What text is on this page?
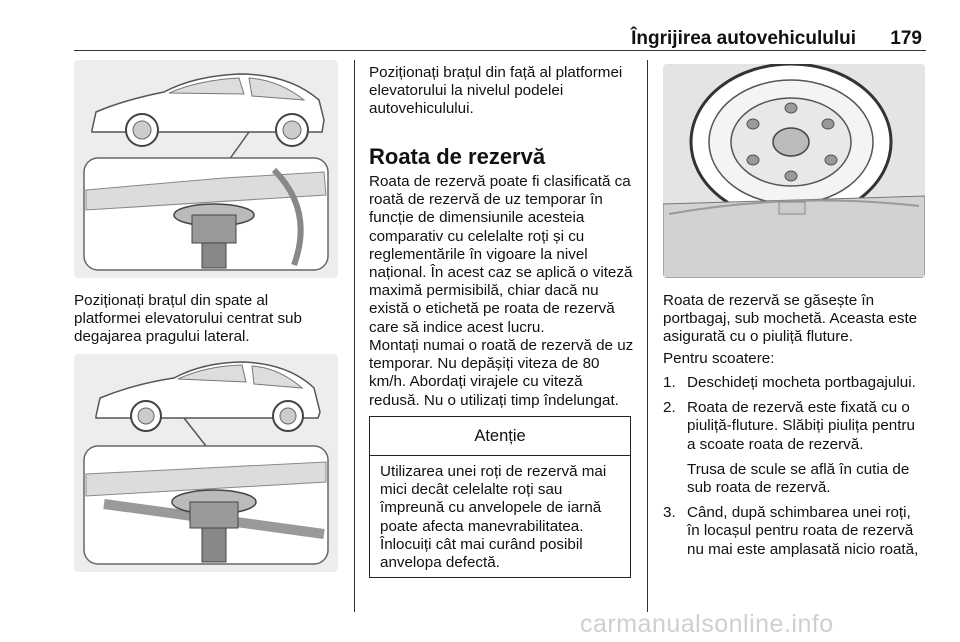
Îngrijirea autovehiculului 179

Poziționați brațul din spate al platformei elevatorului centrat sub degajarea pragului lateral.

Poziționați brațul din față al platformei elevatorului la nivelul podelei autovehiculului.

Roata de rezervă

Roata de rezervă poate fi clasificată ca roată de rezervă de uz temporar în funcție de dimensiunile acesteia comparativ cu celelalte roți și cu reglementările în vigoare la nivel național. În acest caz se aplică o viteză maximă permisibilă, chiar dacă nu există o etichetă pe roata de rezervă care să indice acest lucru.

Montați numai o roată de rezervă de uz temporar. Nu depășiți viteza de 80 km/h. Abordați virajele cu viteză redusă. Nu o utilizați timp îndelungat.

Atenție
Utilizarea unei roți de rezervă mai mici decât celelalte roți sau împreună cu anvelopele de iarnă poate afecta manevrabilitatea. Înlocuiți cât mai curând posibil anvelopa defectă.

Roata de rezervă se găsește în portbagaj, sub mochetă. Aceasta este asigurată cu o piuliță fluture.

Pentru scoatere:

1. Deschideți mocheta portbagajului.
2. Roata de rezervă este fixată cu o piuliță-fluture. Slăbiți piulița pentru a scoate roata de rezervă.
Trusa de scule se află în cutia de sub roata de rezervă.
3. Când, după schimbarea unei roți, în locașul pentru roata de rezervă nu mai este amplasată nicio roată,
carmanualsonline.info
